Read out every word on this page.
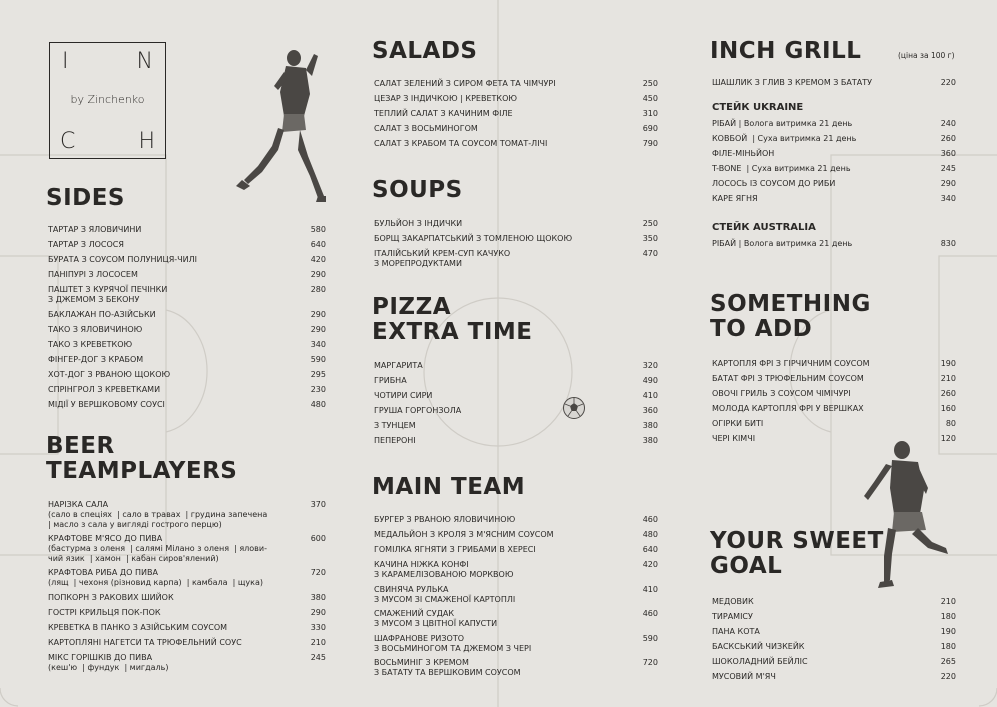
I	N
by Zinchenko
C	H
SIDES
ТАРТАР З ЯЛОВИЧИНИ	580
ТАРТАР З ЛОСОСЯ	640
БУРАТА З СОУСОМ ПОЛУНИЦЯ-ЧИЛІ	420
ПАНІПУРІ З ЛОСОСЕМ	290
ПАШТЕТ З КУРЯЧОЇ ПЕЧІНКИ
З ДЖЕМОМ З БЕКОНУ
280
БАКЛАЖАН ПО-АЗІЙСЬКИ	290
ТАКО З ЯЛОВИЧИНОЮ	290
ТАКО З КРЕВЕТКОЮ	340
ФІНГЕР-ДОГ З КРАБОМ	590
ХОТ-ДОГ З РВАНОЮ ЩОКОЮ	295
СПРІНГРОЛ З КРЕВЕТКАМИ	230
МІДІЇ У ВЕРШКОВОМУ СОУСІ	480
BEER
TEAMPLAYERS
НАРІЗКА САЛА
(сало в спеціях  | сало в травах  | грудина запечена
| масло з сала у вигляді гострого перцю)
370
КРАФТОВЕ М'ЯСО ДО ПИВА
(бастурма з оленя  | салямі Мілано з оленя  | ялови-
чий язик  | хамон  | кабан сиров'ялений)
600
КРАФТОВА РИБА ДО ПИВА
(лящ  | чехоня (різновид карпа)  | камбала  | щука)
720
ПОПКОРН З РАКОВИХ ШИЙОК	380
ГОСТРІ КРИЛЬЦЯ ПОК-ПОК	290
КРЕВЕТКА В ПАНКО З АЗІЙСЬКИМ СОУСОМ	330
КАРТОПЛЯНІ НАГЕТСИ ТА ТРЮФЕЛЬНИЙ СОУС	210
МІКС ГОРІШКІВ ДО ПИВА
(кеш'ю  | фундук  | мигдаль)
245
SALADS
САЛАТ ЗЕЛЕНИЙ З СИРОМ ФЕТА ТА ЧІМЧУРІ	250
ЦЕЗАР З ІНДИЧКОЮ | КРЕВЕТКОЮ	450
ТЕПЛИЙ САЛАТ З КАЧИНИМ ФІЛЕ	310
САЛАТ З ВОСЬМИНОГОМ	690
САЛАТ З КРАБОМ ТА СОУСОМ ТОМАТ-ЛІЧІ	790
SOUPS
БУЛЬЙОН З ІНДИЧКИ	250
БОРЩ ЗАКАРПАТСЬКИЙ З ТОМЛЕНОЮ ЩОКОЮ	350
ІТАЛІЙСЬКИЙ КРЕМ-СУП КАЧУКО
З МОРЕПРОДУКТАМИ
470
PIZZA
EXTRA TIME
МАРГАРИТА	320
ГРИБНА	490
ЧОТИРИ СИРИ	410
ГРУША ГОРГОНЗОЛА	360
З ТУНЦЕМ	380
ПЕПЕРОНІ	380
MAIN TEAM
БУРГЕР З РВАНОЮ ЯЛОВИЧИНОЮ	460
МЕДАЛЬЙОН З КРОЛЯ З М'ЯСНИМ СОУСОМ	480
ГОМІЛКА ЯГНЯТИ З ГРИБАМИ В ХЕРЕСІ	640
КАЧИНА НІЖКА КОНФІ
З КАРАМЕЛІЗОВАНОЮ МОРКВОЮ
420
СВИНЯЧА РУЛЬКА
З МУСОМ ЗІ СМАЖЕНОЇ КАРТОПЛІ
410
СМАЖЕНИЙ СУДАК
З МУСОМ З ЦВІТНОЇ КАПУСТИ
460
ШАФРАНОВЕ РИЗОТО
З ВОСЬМИНОГОМ ТА ДЖЕМОМ З ЧЕРІ
590
ВОСЬМИНІГ З КРЕМОМ
З БАТАТУ ТА ВЕРШКОВИМ СОУСОМ
720
INCH GRILL	(ціна за 100 г)
ШАШЛИК З ГЛИВ З КРЕМОМ З БАТАТУ	220
СТЕЙК UKRAINE
РІБАЙ | Волога витримка 21 день	240
КОВБОЙ  | Суха витримка 21 день	260
ФІЛЕ-МІНЬЙОН	360
T-BONE  | Суха витримка 21 день	245
ЛОСОСЬ ІЗ СОУСОМ ДО РИБИ	290
КАРЕ ЯГНЯ	340
СТЕЙК AUSTRALIA
РІБАЙ | Волога витримка 21 день	830
SOMETHING
TO ADD
КАРТОПЛЯ ФРІ З ГІРЧИЧНИМ СОУСОМ	190
БАТАТ ФРІ З ТРЮФЕЛЬНИМ СОУСОМ	210
ОВОЧІ ГРИЛЬ З СОУСОМ ЧІМІЧУРІ	260
МОЛОДА КАРТОПЛЯ ФРІ У ВЕРШКАХ	160
ОГІРКИ БИТІ	80
ЧЕРІ КІМЧІ	120
YOUR SWEET
GOAL
МЕДОВИК	210
ТИРАМІСУ	180
ПАНА КОТА	190
БАСКСЬКИЙ ЧИЗКЕЙК	180
ШОКОЛАДНИЙ БЕЙЛІС	265
МУСОВИЙ М'ЯЧ	220
